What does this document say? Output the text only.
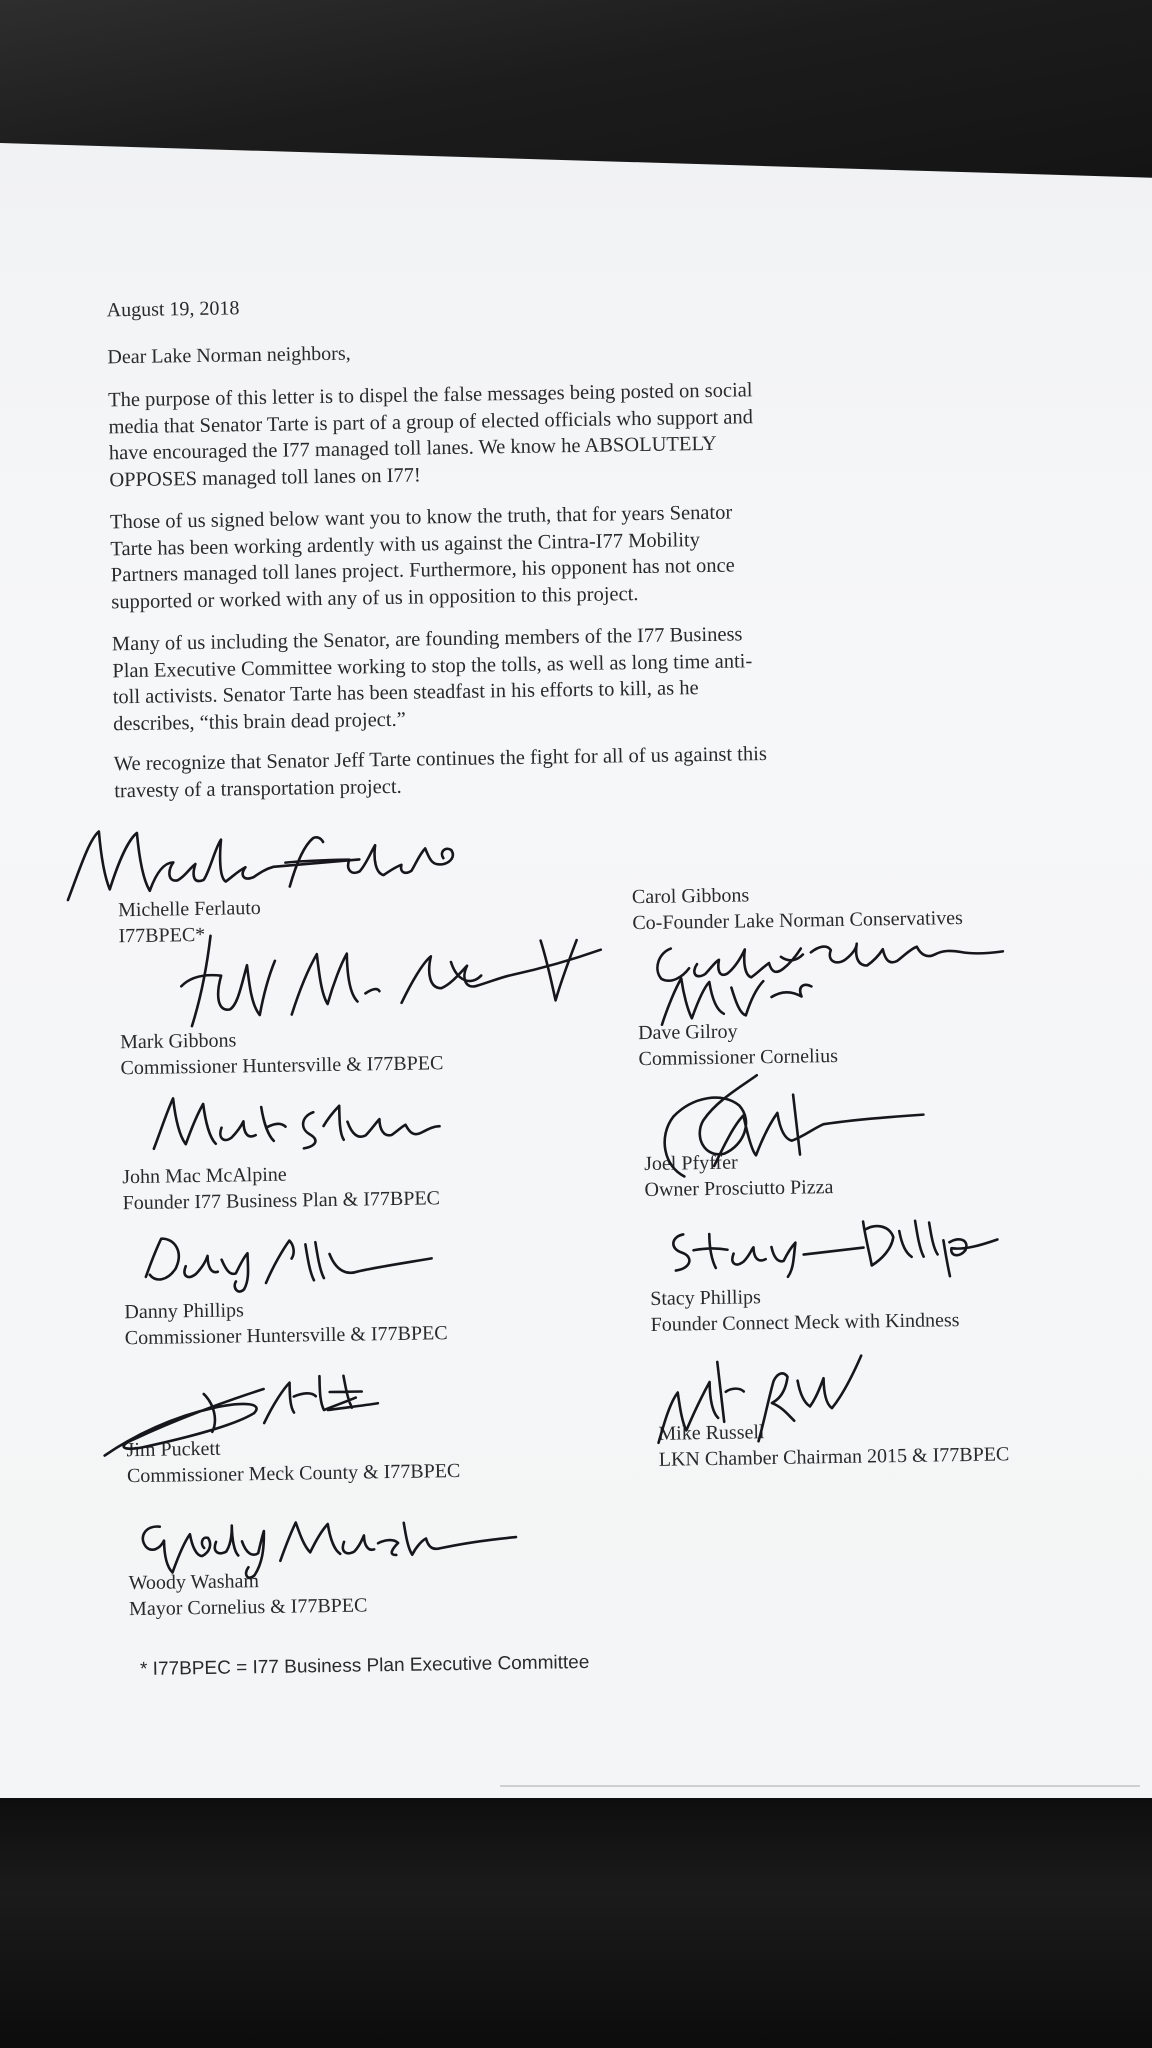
August 19, 2018
Dear Lake Norman neighbors,
The purpose of this letter is to dispel the false messages being posted on social
media that Senator Tarte is part of a group of elected officials who support and
have encouraged the I77 managed toll lanes. We know he ABSOLUTELY
OPPOSES managed toll lanes on I77!
Those of us signed below want you to know the truth, that for years Senator
Tarte has been working ardently with us against the Cintra-I77 Mobility
Partners managed toll lanes project. Furthermore, his opponent has not once
supported or worked with any of us in opposition to this project.
Many of us including the Senator, are founding members of the I77 Business
Plan Executive Committee working to stop the tolls, as well as long time anti-
toll activists. Senator Tarte has been steadfast in his efforts to kill, as he
describes, “this brain dead project.”
We recognize that Senator Jeff Tarte continues the fight for all of us against this
travesty of a transportation project.
Michelle Ferlauto
I77BPEC*
Mark Gibbons
Commissioner Huntersville & I77BPEC
John Mac McAlpine
Founder I77 Business Plan & I77BPEC
Danny Phillips
Commissioner Huntersville & I77BPEC
Jim Puckett
Commissioner Meck County & I77BPEC
Woody Washam
Mayor Cornelius & I77BPEC
Carol Gibbons
Co-Founder Lake Norman Conservatives
Dave Gilroy
Commissioner Cornelius
Joel Pfyffer
Owner Prosciutto Pizza
Stacy Phillips
Founder Connect Meck with Kindness
Mike Russell
LKN Chamber Chairman 2015 & I77BPEC
* I77BPEC = I77 Business Plan Executive Committee
